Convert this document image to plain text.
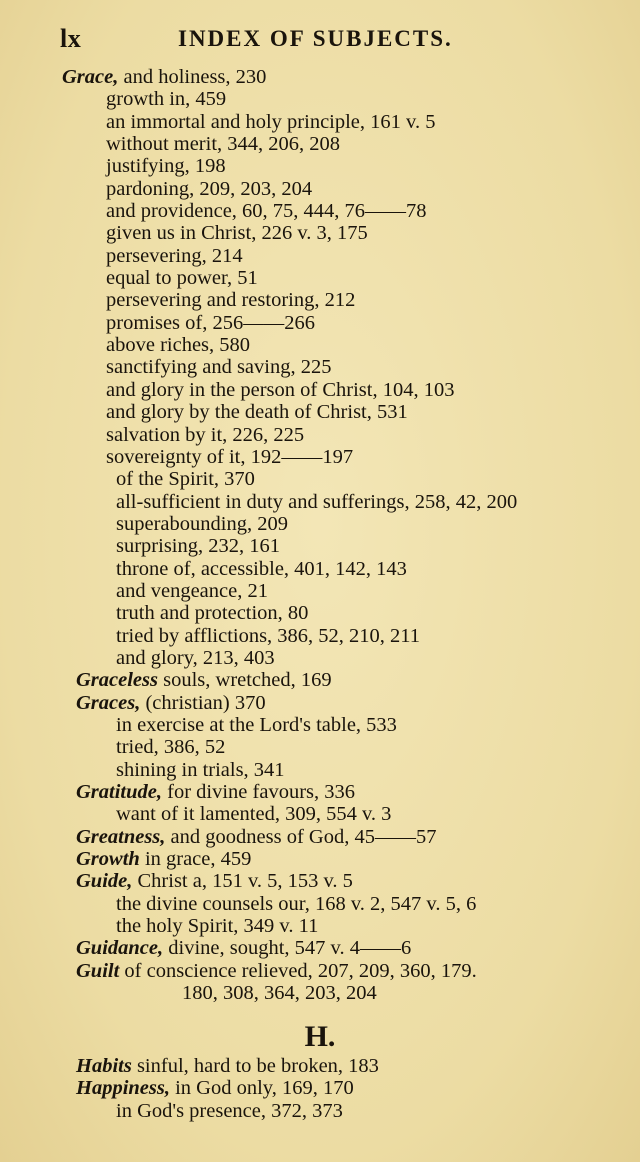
lx	INDEX OF SUBJECTS.
Grace, and holiness, 230
growth in, 459
an immortal and holy principle, 161 v. 5
without merit, 344, 206, 208
justifying, 198
pardoning, 209, 203, 204
and providence, 60, 75, 444, 76——78
given us in Christ, 226 v. 3, 175
persevering, 214
equal to power, 51
persevering and restoring, 212
promises of, 256——266
above riches, 580
sanctifying and saving, 225
and glory in the person of Christ, 104, 103
and glory by the death of Christ, 531
salvation by it, 226, 225
sovereignty of it, 192——197
of the Spirit, 370
all-sufficient in duty and sufferings, 258, 42, 200
superabounding, 209
surprising, 232, 161
throne of, accessible, 401, 142, 143
and vengeance, 21
truth and protection, 80
tried by afflictions, 386, 52, 210, 211
and glory, 213, 403
Graceless souls, wretched, 169
Graces, (christian) 370
in exercise at the Lord's table, 533
tried, 386, 52
shining in trials, 341
Gratitude, for divine favours, 336
want of it lamented, 309, 554 v. 3
Greatness, and goodness of God, 45——57
Growth in grace, 459
Guide, Christ a, 151 v. 5, 153 v. 5
the divine counsels our, 168 v. 2, 547 v. 5, 6
the holy Spirit, 349 v. 11
Guidance, divine, sought, 547 v. 4——6
Guilt of conscience relieved, 207, 209, 360, 179.
180, 308, 364, 203, 204
H.
Habits sinful, hard to be broken, 183
Happiness, in God only, 169, 170
in God's presence, 372, 373
